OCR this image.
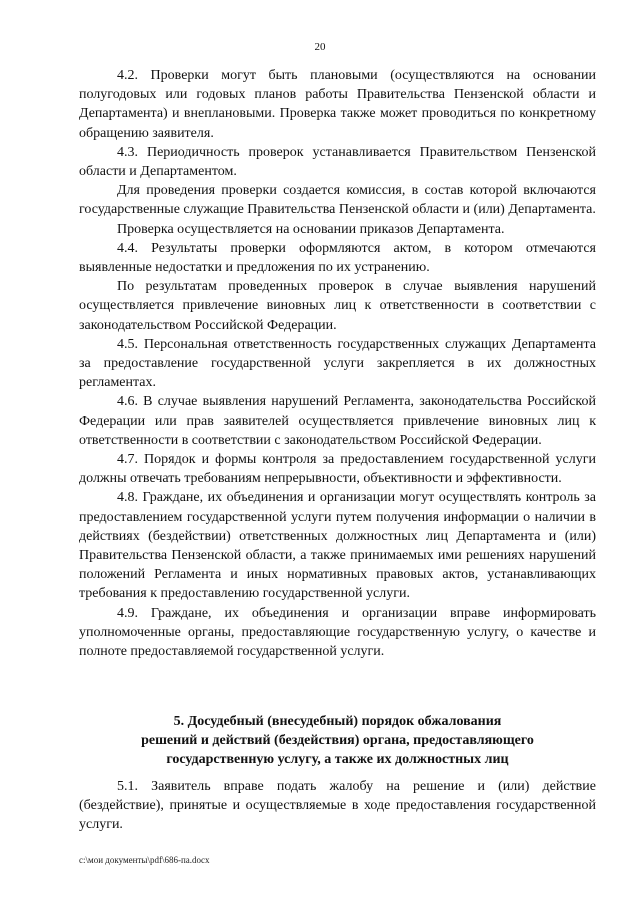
20

4.2. Проверки могут быть плановыми (осуществляются на основании полугодовых или годовых планов работы Правительства Пензенской области и Департамента) и внеплановыми. Проверка также может проводиться по конкретному обращению заявителя.

4.3. Периодичность проверок устанавливается Правительством Пензенской области и Департаментом.

Для проведения проверки создается комиссия, в состав которой включаются государственные служащие Правительства Пензенской области и (или) Департамента.

Проверка осуществляется на основании приказов Департамента.

4.4. Результаты проверки оформляются актом, в котором отмечаются выявленные недостатки и предложения по их устранению.

По результатам проведенных проверок в случае выявления нарушений осуществляется привлечение виновных лиц к ответственности в соответствии с законодательством Российской Федерации.

4.5. Персональная ответственность государственных служащих Департамента за предоставление государственной услуги закрепляется в их должностных регламентах.

4.6. В случае выявления нарушений Регламента, законодательства Российской Федерации или прав заявителей осуществляется привлечение виновных лиц к ответственности в соответствии с законодательством Российской Федерации.

4.7. Порядок и формы контроля за предоставлением государственной услуги должны отвечать требованиям непрерывности, объективности и эффективности.

4.8. Граждане, их объединения и организации могут осуществлять контроль за предоставлением государственной услуги путем получения информации о наличии в действиях (бездействии) ответственных должностных лиц Департамента и (или) Правительства Пензенской области, а также принимаемых ими решениях нарушений положений Регламента и иных нормативных правовых актов, устанавливающих требования к предоставлению государственной услуги.

4.9. Граждане, их объединения и организации вправе информировать уполномоченные органы, предоставляющие государственную услугу, о качестве и полноте предоставляемой государственной услуги.

5. Досудебный (внесудебный) порядок обжалования
решений и действий (бездействия) органа, предоставляющего
государственную услугу, а также их должностных лиц

5.1. Заявитель вправе подать жалобу на решение и (или) действие (бездействие), принятые и осуществляемые в ходе предоставления государственной услуги.

c:\мои документы\pdf\686-па.docx
